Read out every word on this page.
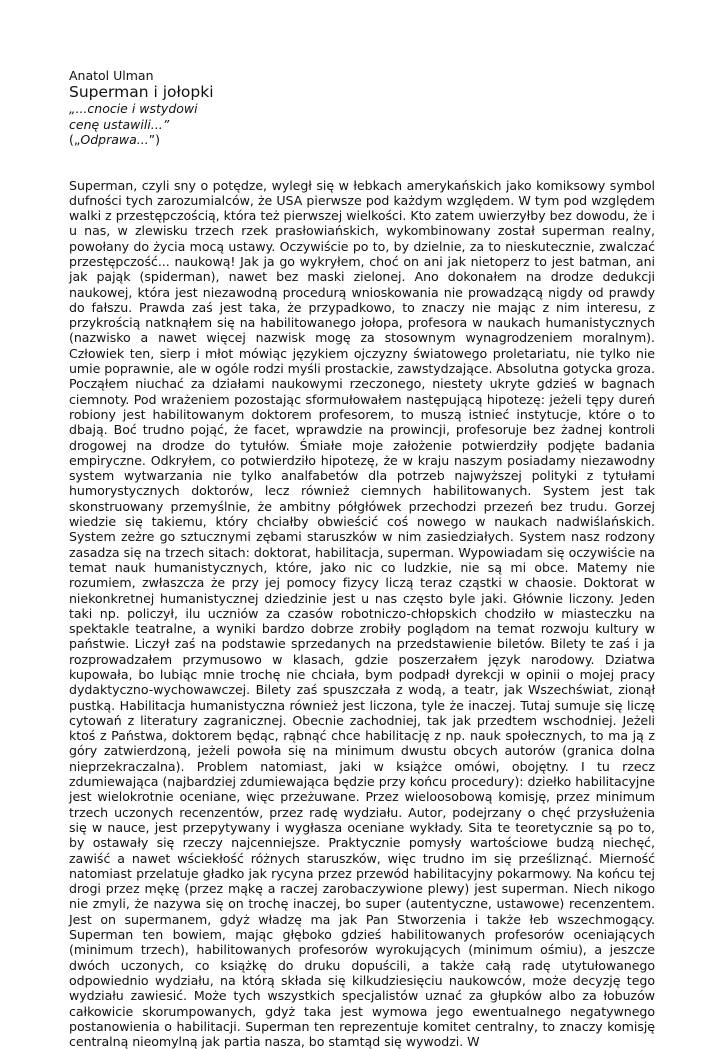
Anatol Ulman

Superman i jołopki

„...cnocie i wstydowi

cenę ustawili...”

(„Odprawa...”)

Superman, czyli sny o potędze, wyległ się w łebkach amerykańskich jako komiksowy symbol dufności tych zarozumialców, że USA pierwsze pod każdym względem. W tym pod względem walki z przestępczością, która też pierwszej wielkości. Kto zatem uwierzyłby bez dowodu, że i u nas, w zlewisku trzech rzek prasłowiańskich, wykombinowany został superman realny, powołany do życia mocą ustawy. Oczywiście po to, by dzielnie, za to nieskutecznie, zwalczać przestępczość... naukową! Jak ja go wykryłem, choć on ani jak nietoperz to jest batman, ani jak pająk (spiderman), nawet bez maski zielonej. Ano dokonałem na drodze dedukcji naukowej, która jest niezawodną procedurą wnioskowania nie prowadzącą nigdy od prawdy do fałszu. Prawda zaś jest taka, że przypadkowo, to znaczy nie mając z nim interesu, z przykrością natknąłem się na habilitowanego jołopa, profesora w naukach humanistycznych (nazwisko a nawet więcej nazwisk mogę za stosownym wynagrodzeniem moralnym). Człowiek ten, sierp i młot mówiąc językiem ojczyzny światowego proletariatu, nie tylko nie umie poprawnie, ale w ogóle rodzi myśli prostackie, zawstydzające. Absolutna gotycka groza. Począłem niuchać za działami naukowymi rzeczonego, niestety ukryte gdzieś w bagnach ciemnoty. Pod wrażeniem pozostając sformułowałem następującą hipotezę: jeżeli tępy dureń robiony jest habilitowanym doktorem profesorem, to muszą istnieć instytucje, które o to dbają. Boć trudno pojąć, że facet, wprawdzie na prowincji, profesoruje bez żadnej kontroli drogowej na drodze do tytułów. Śmiałe moje założenie potwierdziły podjęte badania empiryczne. Odkryłem, co potwierdziło hipotezę, że w kraju naszym posiadamy niezawodny system wytwarzania nie tylko analfabetów dla potrzeb najwyższej polityki z tytułami humorystycznych doktorów, lecz również ciemnych habilitowanych. System jest tak skonstruowany przemyślnie, że ambitny półgłówek przechodzi przezeń bez trudu. Gorzej wiedzie się takiemu, który chciałby obwieścić coś nowego w naukach nadwiślańskich. System zeżre go sztucznymi zębami staruszków w nim zasiedziałych. System nasz rodzony zasadza się na trzech sitach: doktorat, habilitacja, superman. Wypowiadam się oczywiście na temat nauk humanistycznych, które, jako nic co ludzkie, nie są mi obce. Matemy nie rozumiem, zwłaszcza że przy jej pomocy fizycy liczą teraz cząstki w chaosie. Doktorat w niekonkretnej humanistycznej dziedzinie jest u nas często byle jaki. Głównie liczony. Jeden taki np. policzył, ilu uczniów za czasów robotniczo-chłopskich chodziło w miasteczku na spektakle teatralne, a wyniki bardzo dobrze zrobiły poglądom na temat rozwoju kultury w państwie. Liczył zaś na podstawie sprzedanych na przedstawienie biletów. Bilety te zaś i ja rozprowadzałem przymusowo w klasach, gdzie poszerzałem język narodowy. Dziatwa kupowała, bo lubiąc mnie trochę nie chciała, bym podpadł dyrekcji w opinii o mojej pracy dydaktyczno-wychowawczej. Bilety zaś spuszczała z wodą, a teatr, jak Wszechświat, zionął pustką. Habilitacja humanistyczna również jest liczona, tyle że inaczej. Tutaj sumuje się liczę cytowań z literatury zagranicznej. Obecnie zachodniej, tak jak przedtem wschodniej. Jeżeli ktoś z Państwa, doktorem będąc, rąbnąć chce habilitację z np. nauk społecznych, to ma ją z góry zatwierdzoną, jeżeli powoła się na minimum dwustu obcych autorów (granica dolna nieprzekraczalna). Problem natomiast, jaki w książce omówi, obojętny. I tu rzecz zdumiewająca (najbardziej zdumiewająca będzie przy końcu procedury): dziełko habilitacyjne jest wielokrotnie oceniane, więc przeżuwane. Przez wieloosobową komisję, przez minimum trzech uczonych recenzentów, przez radę wydziału. Autor, podejrzany o chęć przysłużenia się w nauce, jest przepytywany i wygłasza oceniane wykłady. Sita te teoretycznie są po to, by ostawały się rzeczy najcenniejsze. Praktycznie pomysły wartościowe budzą niechęć, zawiść a nawet wściekłość różnych staruszków, więc trudno im się prześliznąć. Mierność natomiast przelatuje gładko jak rycyna przez przewód habilitacyjny pokarmowy. Na końcu tej drogi przez mękę (przez mąkę a raczej zarobaczywione plewy) jest superman. Niech nikogo nie zmyli, że nazywa się on trochę inaczej, bo super (autentyczne, ustawowe) recenzentem. Jest on supermanem, gdyż władzę ma jak Pan Stworzenia i także łeb wszechmogący. Superman ten bowiem, mając głęboko gdzieś habilitowanych profesorów oceniających (minimum trzech), habilitowanych profesorów wyrokujących (minimum ośmiu), a jeszcze dwóch uczonych, co książkę do druku dopuścili, a także całą radę utytułowanego odpowiednio wydziału, na którą składa się kilkudziesięciu naukowców, może decyzję tego wydziału zawiesić. Może tych wszystkich specjalistów uznać za głupków albo za łobuzów całkowicie skorumpowanych, gdyż taka jest wymowa jego ewentualnego negatywnego postanowienia o habilitacji. Superman ten reprezentuje komitet centralny, to znaczy komisję centralną nieomylną jak partia nasza, bo stamtąd się wywodzi. W
